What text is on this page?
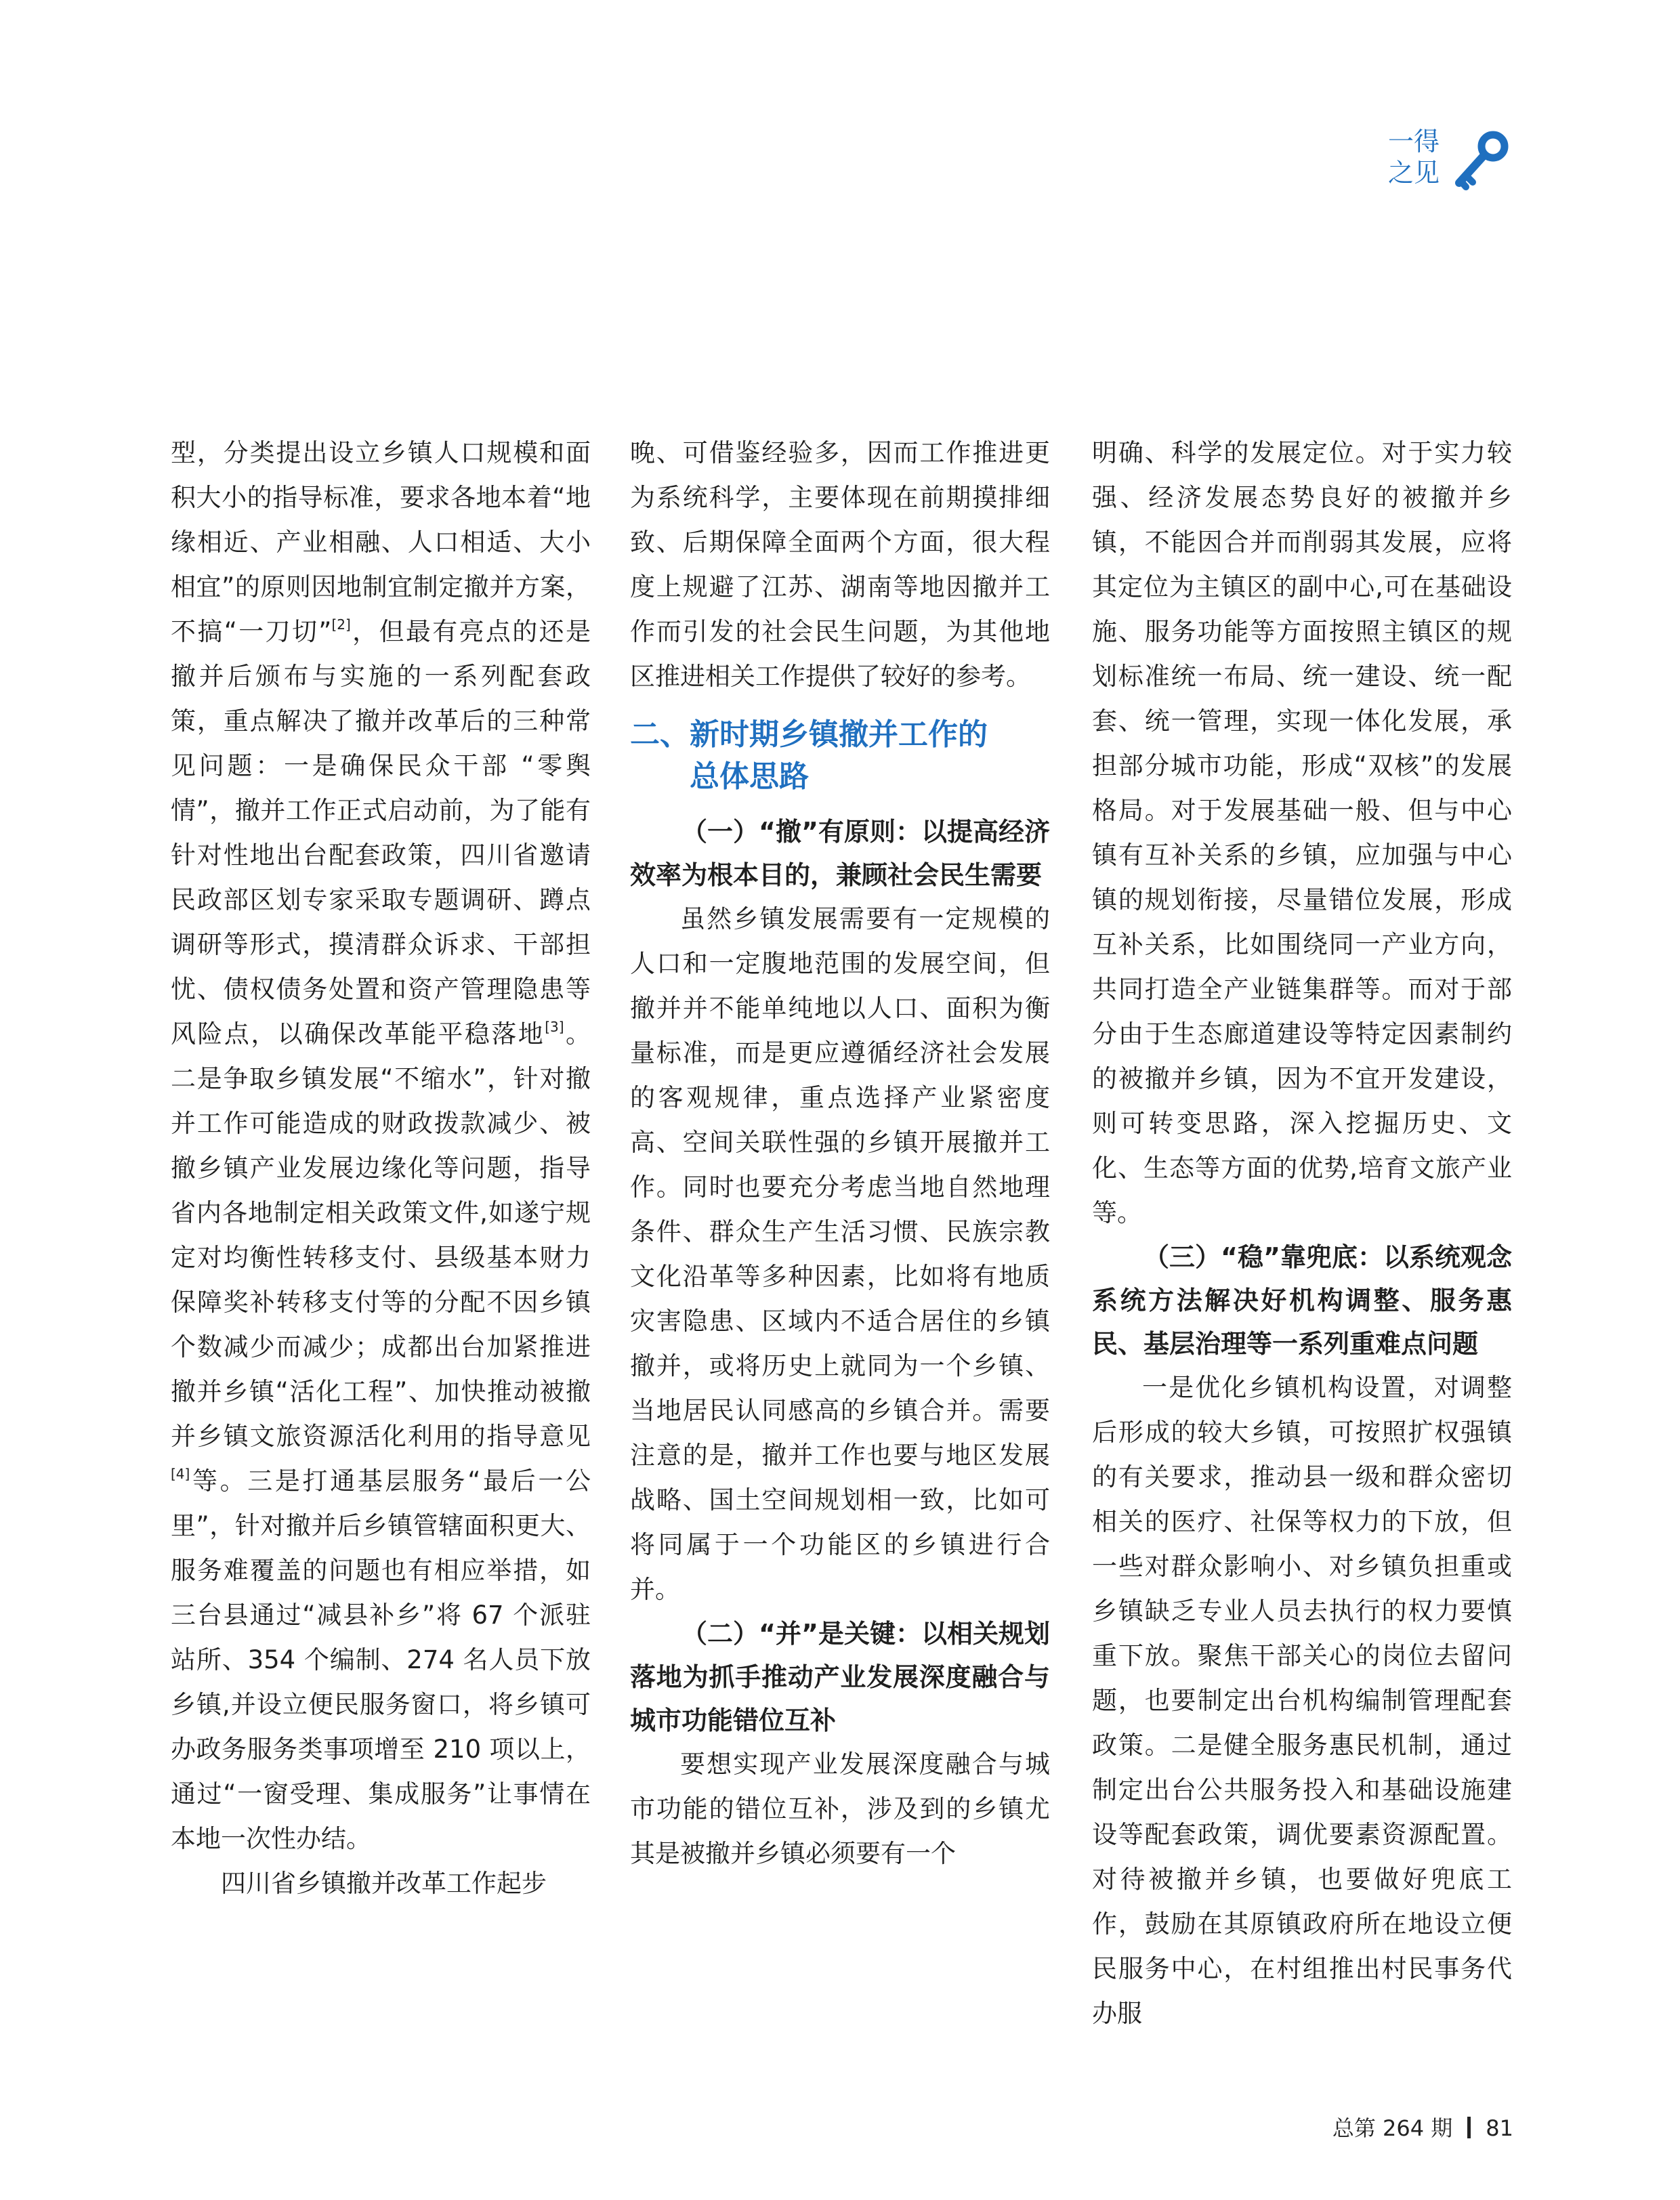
一得
之见

型，分类提出设立乡镇人口规模和面积大小的指导标准，要求各地本着“地缘相近、产业相融、人口相适、大小相宜”的原则因地制宜制定撤并方案，不搞“一刀切”[2]，但最有亮点的还是撤并后颁布与实施的一系列配套政策，重点解决了撤并改革后的三种常见问题：一是确保民众干部 “零舆情”，撤并工作正式启动前，为了能有针对性地出台配套政策，四川省邀请民政部区划专家采取专题调研、蹲点调研等形式，摸清群众诉求、干部担忧、债权债务处置和资产管理隐患等风险点，以确保改革能平稳落地[3]。二是争取乡镇发展“不缩水”，针对撤并工作可能造成的财政拨款减少、被撤乡镇产业发展边缘化等问题，指导省内各地制定相关政策文件,如遂宁规定对均衡性转移支付、县级基本财力保障奖补转移支付等的分配不因乡镇个数减少而减少；成都出台加紧推进撤并乡镇“活化工程”、加快推动被撤并乡镇文旅资源活化利用的指导意见[4]等。三是打通基层服务“最后一公里”，针对撤并后乡镇管辖面积更大、服务难覆盖的问题也有相应举措，如三台县通过“减县补乡”将 67 个派驻站所、354 个编制、274 名人员下放乡镇,并设立便民服务窗口，将乡镇可办政务服务类事项增至 210 项以上，通过“一窗受理、集成服务”让事情在本地一次性办结。

四川省乡镇撤并改革工作起步

晚、可借鉴经验多，因而工作推进更为系统科学，主要体现在前期摸排细致、后期保障全面两个方面，很大程度上规避了江苏、湖南等地因撤并工作而引发的社会民生问题，为其他地区推进相关工作提供了较好的参考。

二、新时期乡镇撤并工作的
总体思路

（一）“撤”有原则：以提高经济效率为根本目的，兼顾社会民生需要

虽然乡镇发展需要有一定规模的人口和一定腹地范围的发展空间，但撤并并不能单纯地以人口、面积为衡量标准，而是更应遵循经济社会发展的客观规律，重点选择产业紧密度高、空间关联性强的乡镇开展撤并工作。同时也要充分考虑当地自然地理条件、群众生产生活习惯、民族宗教文化沿革等多种因素，比如将有地质灾害隐患、区域内不适合居住的乡镇撤并，或将历史上就同为一个乡镇、当地居民认同感高的乡镇合并。需要注意的是，撤并工作也要与地区发展战略、国土空间规划相一致，比如可将同属于一个功能区的乡镇进行合并。

（二）“并”是关键：以相关规划落地为抓手推动产业发展深度融合与城市功能错位互补

要想实现产业发展深度融合与城市功能的错位互补，涉及到的乡镇尤其是被撤并乡镇必须要有一个

明确、科学的发展定位。对于实力较强、经济发展态势良好的被撤并乡镇，不能因合并而削弱其发展，应将其定位为主镇区的副中心,可在基础设施、服务功能等方面按照主镇区的规划标准统一布局、统一建设、统一配套、统一管理，实现一体化发展，承担部分城市功能，形成“双核”的发展格局。对于发展基础一般、但与中心镇有互补关系的乡镇，应加强与中心镇的规划衔接，尽量错位发展，形成互补关系，比如围绕同一产业方向，共同打造全产业链集群等。而对于部分由于生态廊道建设等特定因素制约的被撤并乡镇，因为不宜开发建设，则可转变思路，深入挖掘历史、文化、生态等方面的优势,培育文旅产业等。

（三）“稳”靠兜底：以系统观念系统方法解决好机构调整、服务惠民、基层治理等一系列重难点问题

一是优化乡镇机构设置，对调整后形成的较大乡镇，可按照扩权强镇的有关要求，推动县一级和群众密切相关的医疗、社保等权力的下放，但一些对群众影响小、对乡镇负担重或乡镇缺乏专业人员去执行的权力要慎重下放。聚焦干部关心的岗位去留问题，也要制定出台机构编制管理配套政策。二是健全服务惠民机制，通过制定出台公共服务投入和基础设施建设等配套政策，调优要素资源配置。对待被撤并乡镇，也要做好兜底工作，鼓励在其原镇政府所在地设立便民服务中心，在村组推出村民事务代办服

总第 264 期 81
